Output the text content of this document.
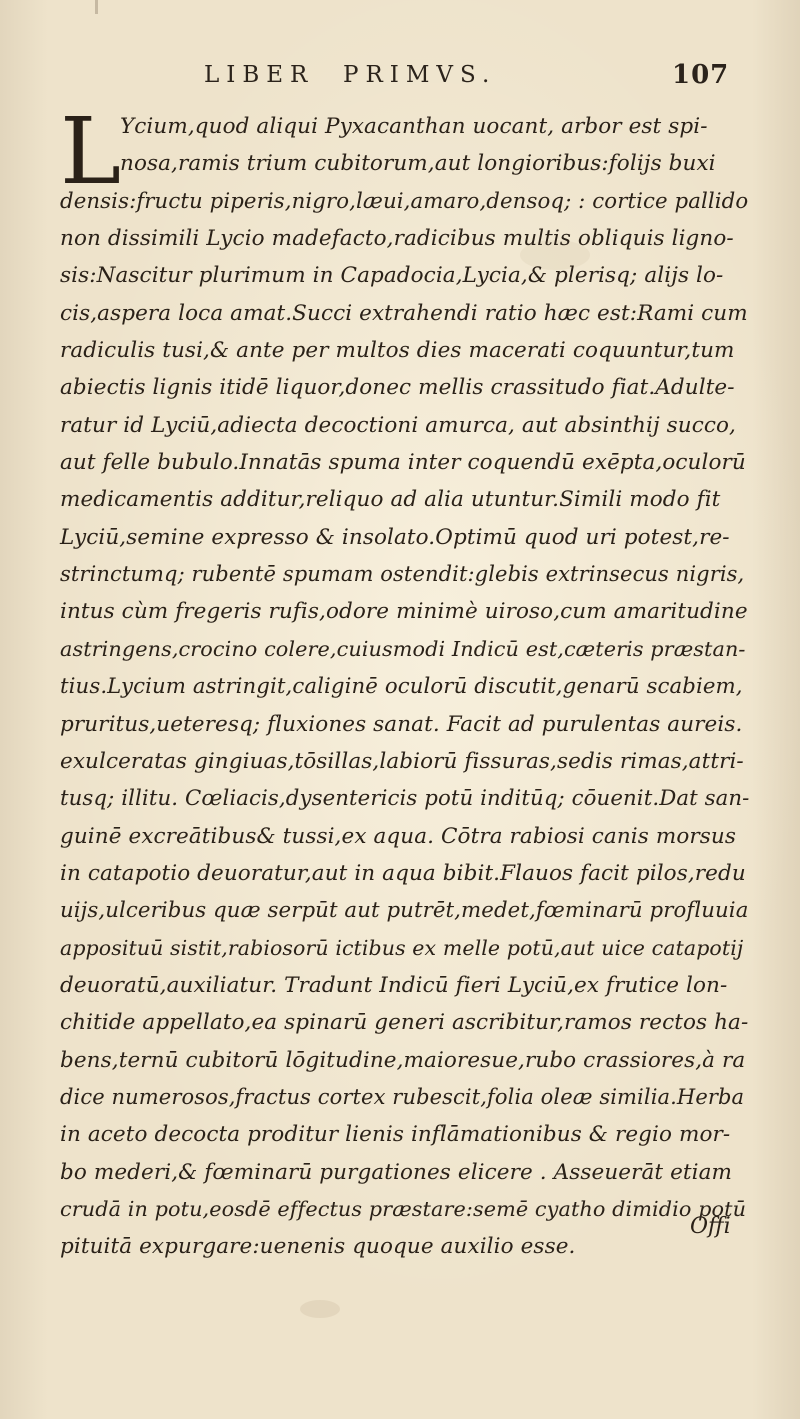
LIBER  PRIMVS.	107
L
Ycium,quod aliqui Pyxacanthan uocant, arbor est spi-
nosa,ramis trium cubitorum,aut longioribus:folijs buxi
densis:fructu piperis,nigro,læui,amaro,densoq; : cortice pallido
non dissimili Lycio madefacto,radicibus multis obliquis ligno-
sis:Nascitur plurimum in Capadocia,Lycia,& plerisq; alijs lo-
cis,aspera loca amat.Succi extrahendi ratio hæc est:Rami cum
radiculis tusi,& ante per multos dies macerati coquuntur,tum
abiectis lignis itidē liquor,donec mellis crassitudo fiat.Adulte-
ratur id Lyciū,adiecta decoctioni amurca, aut absinthij succo,
aut felle bubulo.Innatās spuma inter coquendū exēpta,oculorū
medicamentis additur,reliquo ad alia utuntur.Simili modo fit
Lyciū,semine expresso & insolato.Optimū quod uri potest,re-
strinctumq; rubentē spumam ostendit:glebis extrinsecus nigris,
intus cùm fregeris rufis,odore minimè uiroso,cum amaritudine
astringens,crocino colere,cuiusmodi Indicū est,cæteris præstan-
tius.Lycium astringit,caliginē oculorū discutit,genarū scabiem,
pruritus,ueteresq; fluxiones sanat. Facit ad purulentas aureis.
exulceratas gingiuas,tōsillas,labiorū fissuras,sedis rimas,attri-
tusq; illitu. Cœliacis,dysentericis potū inditūq; cōuenit.Dat san-
guinē excreātibus& tussi,ex aqua. Cōtra rabiosi canis morsus
in catapotio deuoratur,aut in aqua bibit.Flauos facit pilos,redu
uijs,ulceribus quæ serpūt aut putrēt,medet,fœminarū profluuia
apposituū sistit,rabiosorū ictibus ex melle potū,aut uice catapotij
deuoratū,auxiliatur. Tradunt Indicū fieri Lyciū,ex frutice lon-
chitide appellato,ea spinarū generi ascribitur,ramos rectos ha-
bens,ternū cubitorū lōgitudine,maioresue,rubo crassiores,à ra
dice numerosos,fractus cortex rubescit,folia oleæ similia.Herba
in aceto decocta proditur lienis inflāmationibus & regio mor-
bo mederi,& fœminarū purgationes elicere . Asseuerāt etiam
crudā in potu,eosdē effectus præstare:semē cyatho dimidio potū
pituitā expurgare:uenenis quoque auxilio esse.
Offi
